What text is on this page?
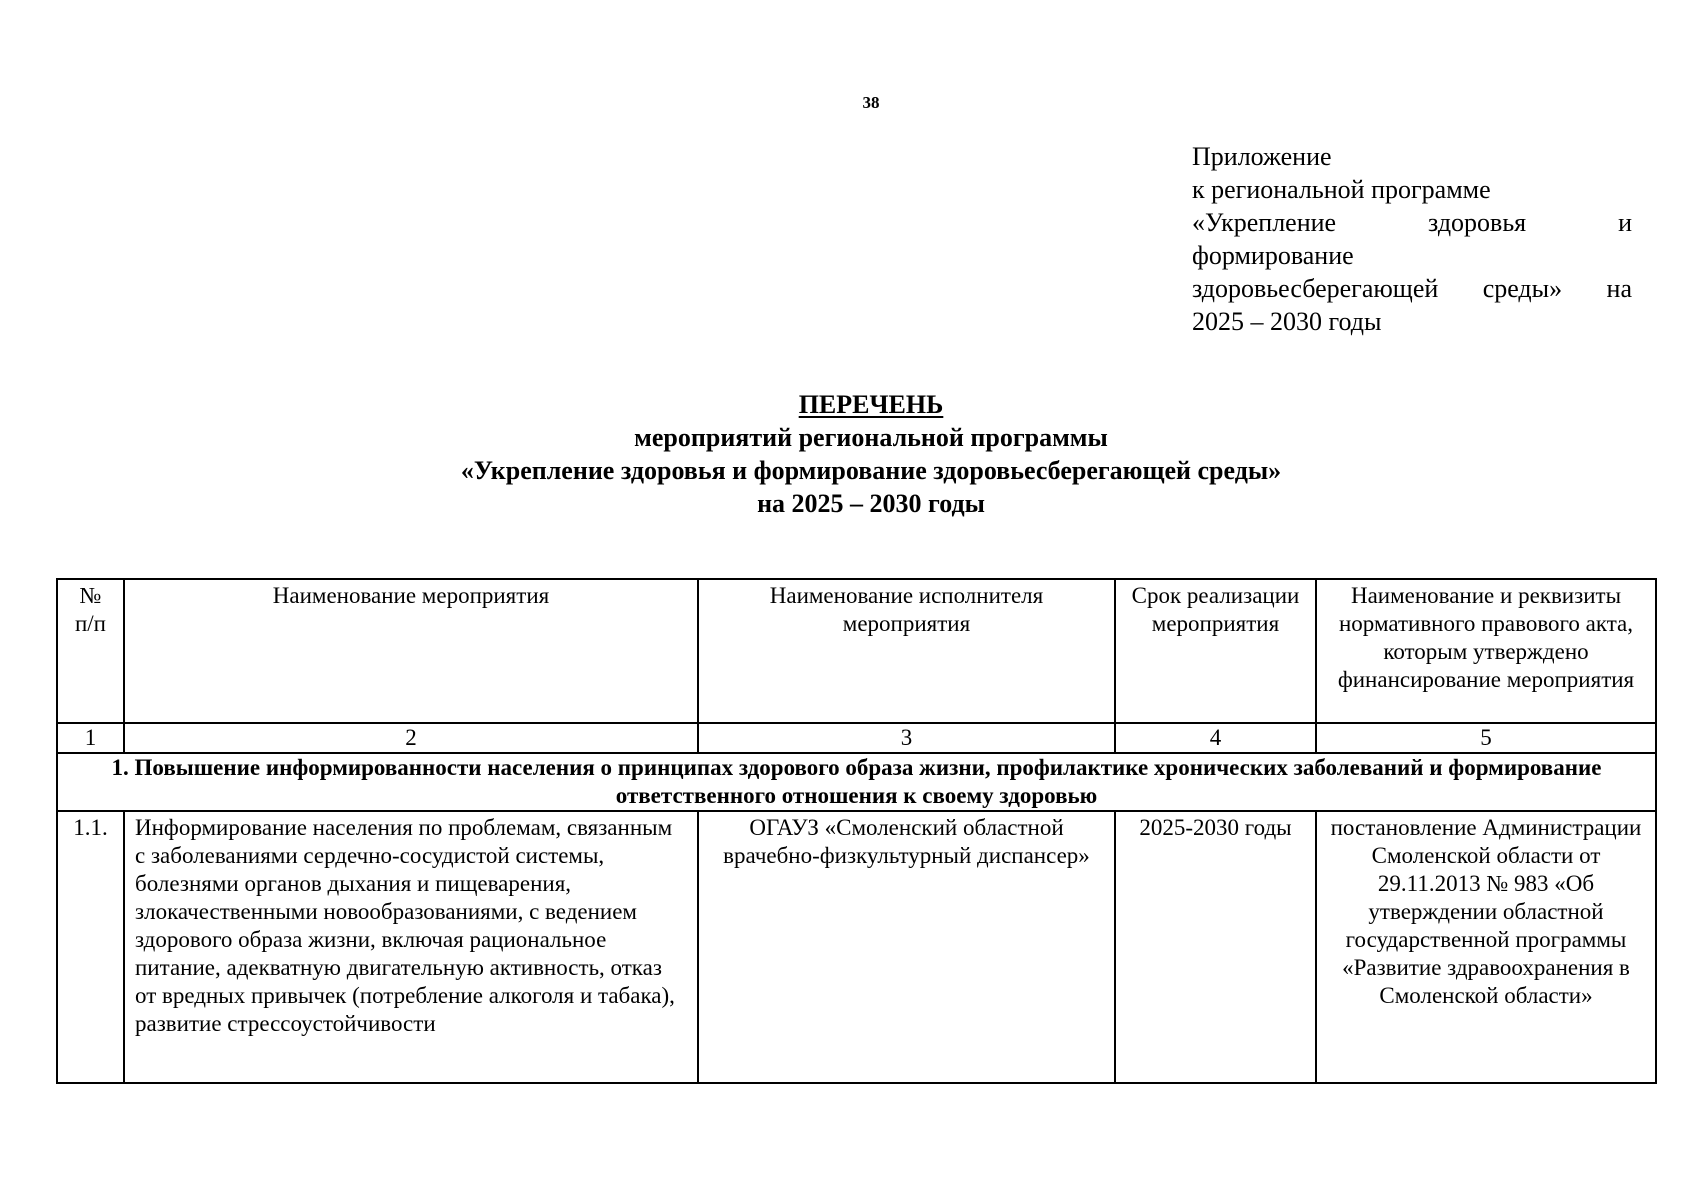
38
Приложение
к региональной программе
«Укрепление здоровья и
формирование
здоровьесберегающей среды» на
2025 – 2030 годы
ПЕРЕЧЕНЬ
мероприятий региональной программы
«Укрепление здоровья и формирование здоровьесберегающей среды»
на 2025 – 2030 годы
№ п/п	Наименование мероприятия	Наименование исполнителя мероприятия	Срок реализации мероприятия	Наименование и реквизиты нормативного правового акта, которым утверждено финансирование мероприятия
1	2	3	4	5
1. Повышение информированности населения о принципах здорового образа жизни, профилактике хронических заболеваний и формирование ответственного отношения к своему здоровью				
1.1.	Информирование населения по проблемам, связанным с заболеваниями сердечно-сосудистой системы, болезнями органов дыхания и пищеварения, злокачественными новообразованиями, с ведением здорового образа жизни, включая рациональное питание, адекватную двигательную активность, отказ от вредных привычек (потребление алкоголя и табака), развитие стрессоустойчивости	ОГАУЗ «Смоленский областной врачебно-физкультурный диспансер»	2025-2030 годы	постановление Администрации Смоленской области от 29.11.2013 № 983 «Об утверждении областной государственной программы «Развитие здравоохранения в Смоленской области»
